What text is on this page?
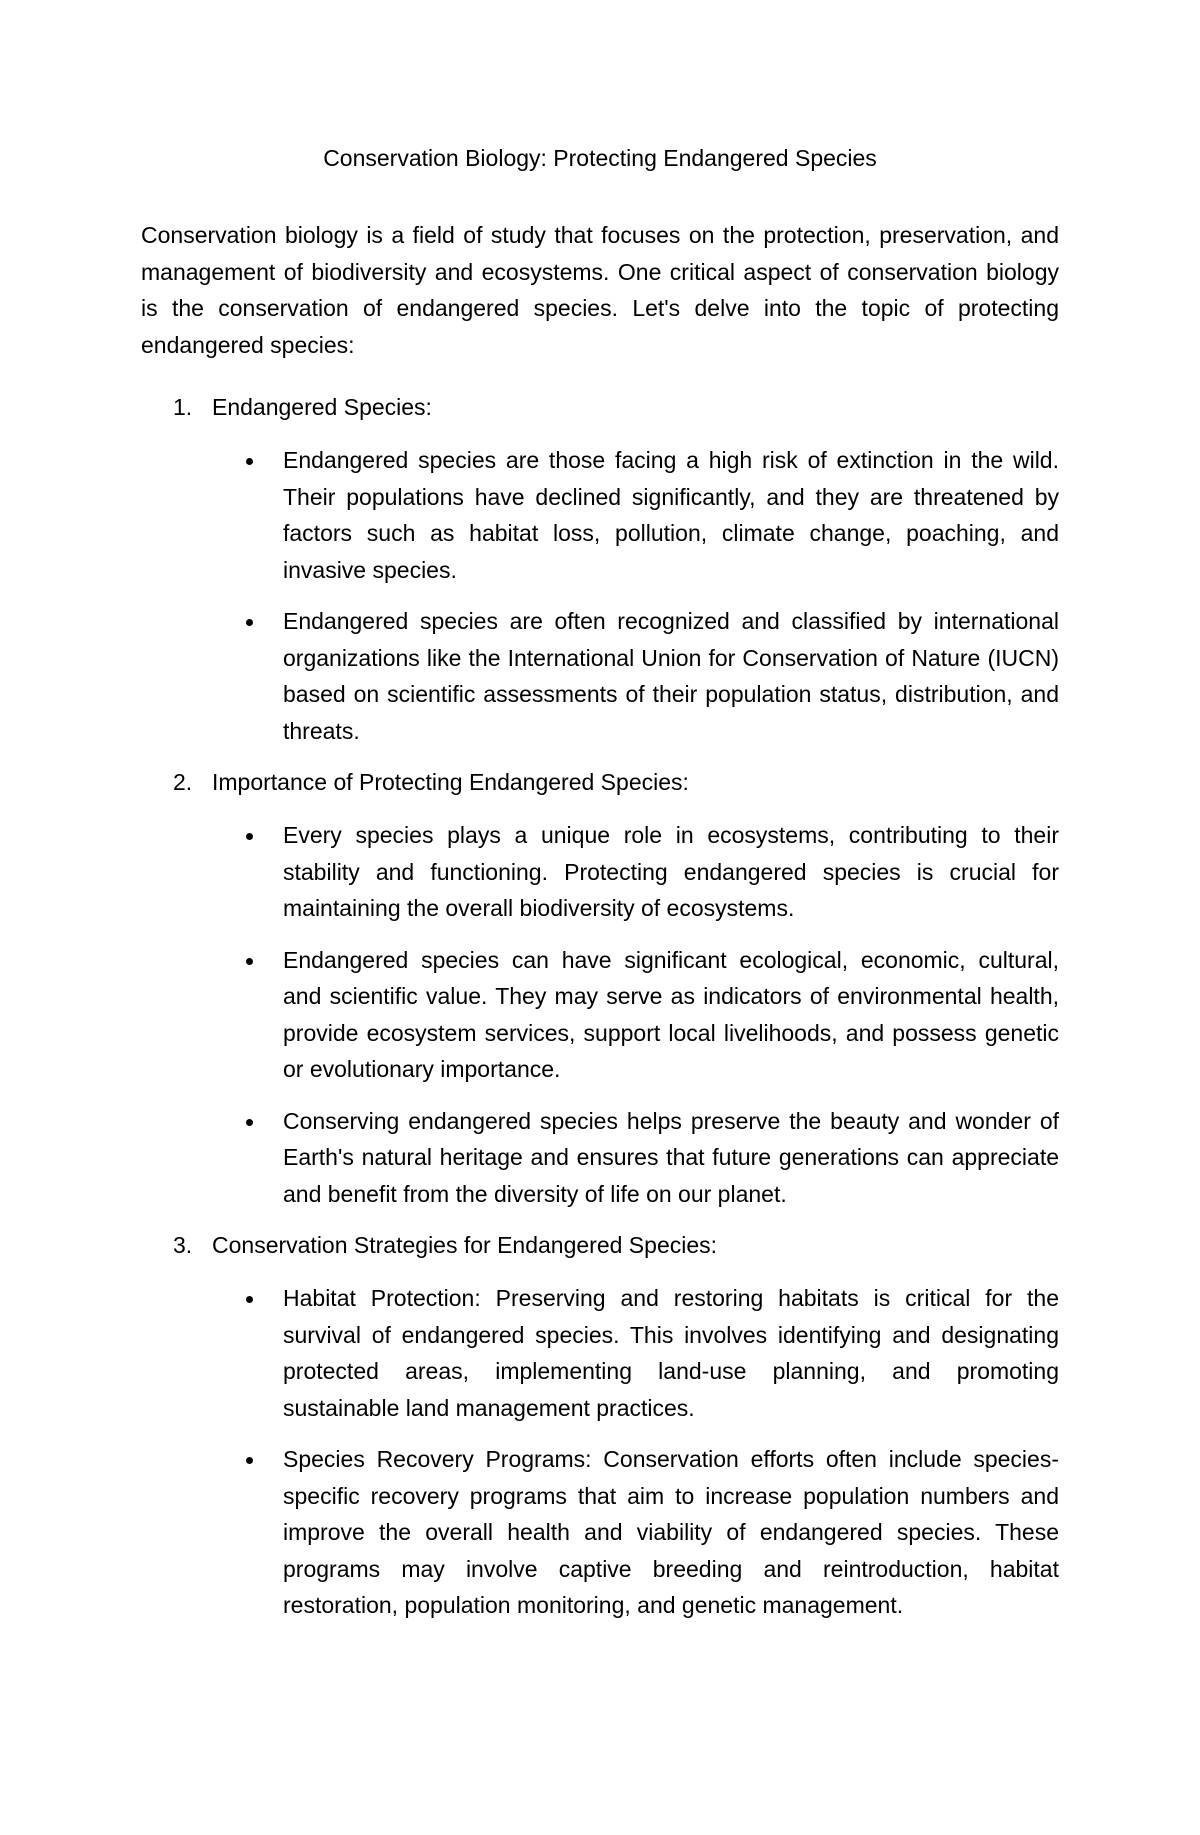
Conservation Biology: Protecting Endangered Species

Conservation biology is a field of study that focuses on the protection, preservation, and management of biodiversity and ecosystems. One critical aspect of conservation biology is the conservation of endangered species. Let's delve into the topic of protecting endangered species:

1. Endangered Species:
Endangered species are those facing a high risk of extinction in the wild. Their populations have declined significantly, and they are threatened by factors such as habitat loss, pollution, climate change, poaching, and invasive species.
Endangered species are often recognized and classified by international organizations like the International Union for Conservation of Nature (IUCN) based on scientific assessments of their population status, distribution, and threats.
2. Importance of Protecting Endangered Species:
Every species plays a unique role in ecosystems, contributing to their stability and functioning. Protecting endangered species is crucial for maintaining the overall biodiversity of ecosystems.
Endangered species can have significant ecological, economic, cultural, and scientific value. They may serve as indicators of environmental health, provide ecosystem services, support local livelihoods, and possess genetic or evolutionary importance.
Conserving endangered species helps preserve the beauty and wonder of Earth's natural heritage and ensures that future generations can appreciate and benefit from the diversity of life on our planet.
3. Conservation Strategies for Endangered Species:
Habitat Protection: Preserving and restoring habitats is critical for the survival of endangered species. This involves identifying and designating protected areas, implementing land-use planning, and promoting sustainable land management practices.
Species Recovery Programs: Conservation efforts often include species-specific recovery programs that aim to increase population numbers and improve the overall health and viability of endangered species. These programs may involve captive breeding and reintroduction, habitat restoration, population monitoring, and genetic management.
